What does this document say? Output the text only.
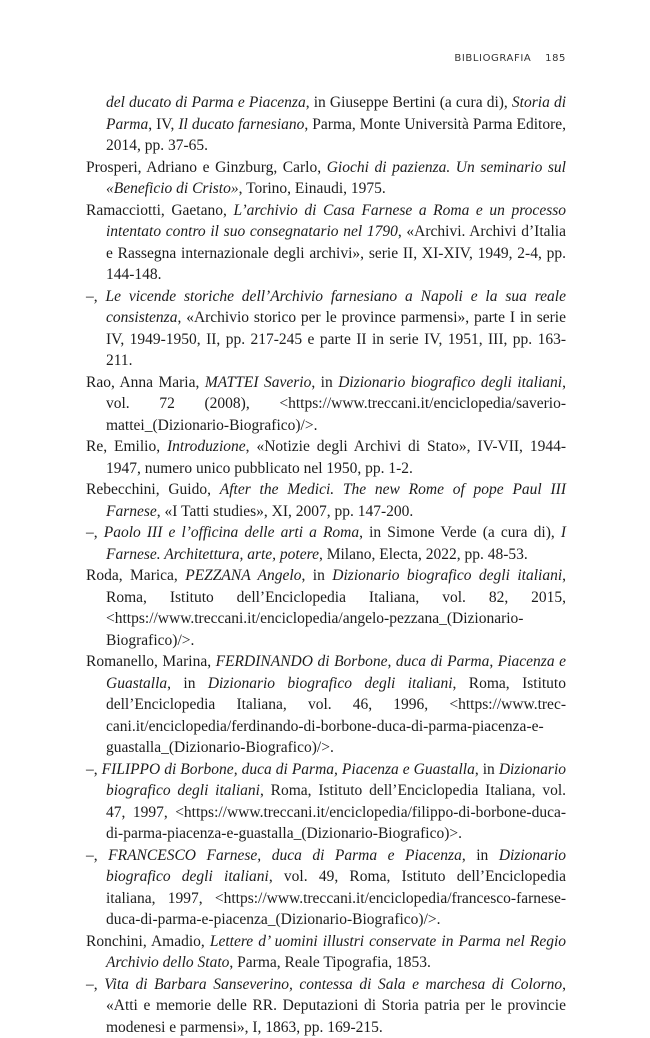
BIBLIOGRAFIA 185

del ducato di Parma e Piacenza, in Giuseppe Bertini (a cura di), Storia di Parma, IV, Il ducato farnesiano, Parma, Monte Università Parma Editore, 2014, pp. 37-65.

Prosperi, Adriano e Ginzburg, Carlo, Giochi di pazienza. Un seminario sul «Beneficio di Cristo», Torino, Einaudi, 1975.

Ramacciotti, Gaetano, L’archivio di Casa Farnese a Roma e un processo intentato contro il suo consegnatario nel 1790, «Archivi. Archivi d’Italia e Rassegna internazionale degli archivi», serie II, XI-XIV, 1949, 2-4, pp. 144-148.

–, Le vicende storiche dell’Archivio farnesiano a Napoli e la sua reale consistenza, «Archivio storico per le province parmensi», parte I in serie IV, 1949-1950, II, pp. 217-245 e parte II in serie IV, 1951, III, pp. 163-211.

Rao, Anna Maria, MATTEI Saverio, in Dizionario biografico degli italiani, vol. 72 (2008), <https://www.treccani.it/enciclopedia/saverio-mattei_(Dizionario-Biografico)/>.

Re, Emilio, Introduzione, «Notizie degli Archivi di Stato», IV-VII, 1944-1947, numero unico pubblicato nel 1950, pp. 1-2.

Rebecchini, Guido, After the Medici. The new Rome of pope Paul III Farnese, «I Tatti studies», XI, 2007, pp. 147-200.

–, Paolo III e l’officina delle arti a Roma, in Simone Verde (a cura di), I Farnese. Architettura, arte, potere, Milano, Electa, 2022, pp. 48-53.

Roda, Marica, PEZZANA Angelo, in Dizionario biografico degli italiani, Roma, Istituto dell’Enciclopedia Italiana, vol. 82, 2015, <https://www.treccani.it/enciclopedia/angelo-pezzana_(Dizionario-Biografico)/>.

Romanello, Marina, FERDINANDO di Borbone, duca di Parma, Piacenza e Guastalla, in Dizionario biografico degli italiani, Roma, Istituto dell’Enciclopedia Italiana, vol. 46, 1996, <https://www.treccani.it/enciclopedia/ferdinando-di-borbone-duca-di-parma-piacenza-e-guastalla_(Dizionario-Biografico)/>.

–, FILIPPO di Borbone, duca di Parma, Piacenza e Guastalla, in Dizionario biografico degli italiani, Roma, Istituto dell’Enciclopedia Italiana, vol. 47, 1997, <https://www.treccani.it/enciclopedia/filippo-di-borbone-duca-di-parma-piacenza-e-guastalla_(Dizionario-Biografico)>.

–, FRANCESCO Farnese, duca di Parma e Piacenza, in Dizionario biografico degli italiani, vol. 49, Roma, Istituto dell’Enciclopedia italiana, 1997, <https://www.treccani.it/enciclopedia/francesco-farnese-duca-di-parma-e-piacenza_(Dizionario-Biografico)/>.

Ronchini, Amadio, Lettere d’ uomini illustri conservate in Parma nel Regio Archivio dello Stato, Parma, Reale Tipografia, 1853.

–, Vita di Barbara Sanseverino, contessa di Sala e marchesa di Colorno, «Atti e memorie delle RR. Deputazioni di Storia patria per le provincie modenesi e parmensi», I, 1863, pp. 169-215.
